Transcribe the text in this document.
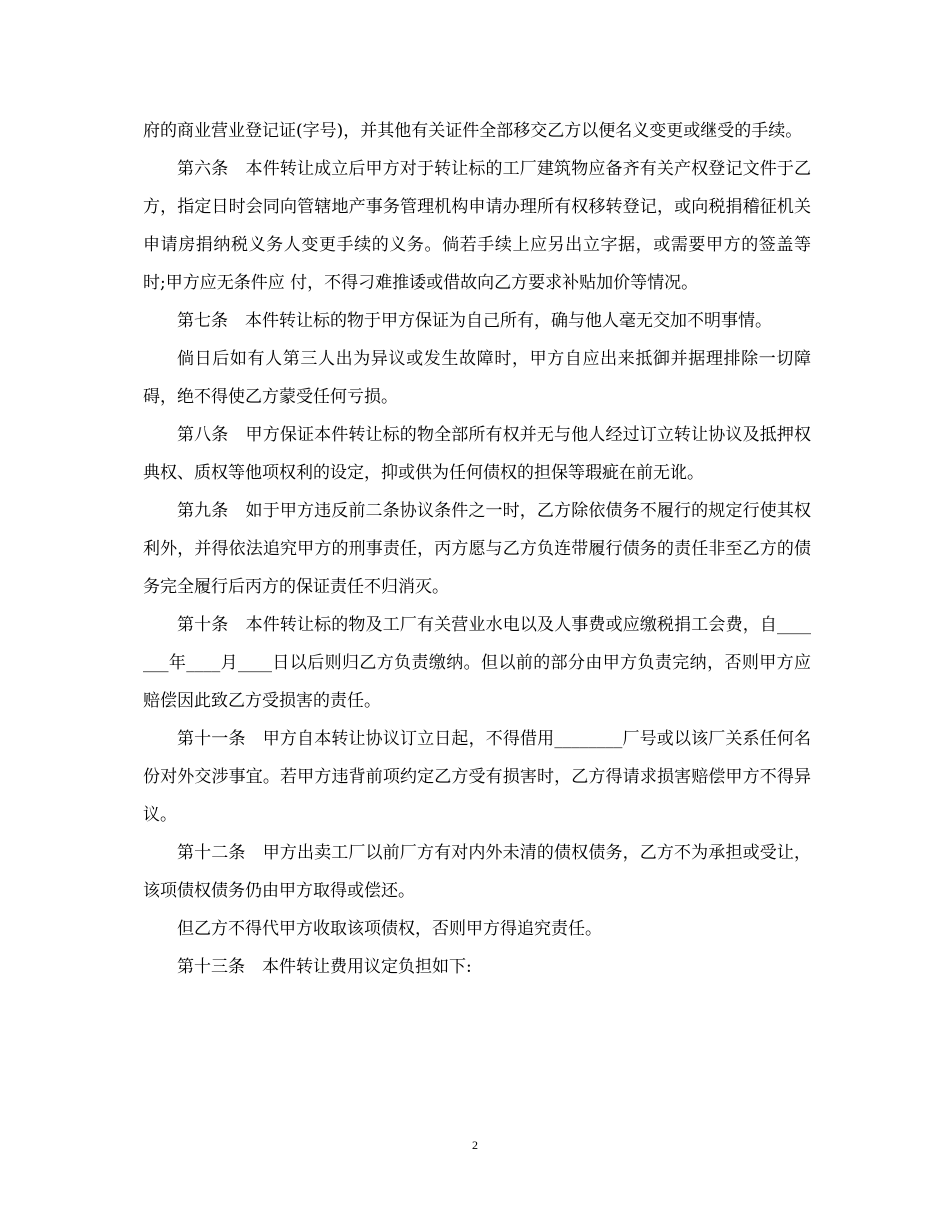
府的商业营业登记证(字号)，并其他有关证件全部移交乙方以便名义变更或继受的手续。

第六条　本件转让成立后甲方对于转让标的工厂建筑物应备齐有关产权登记文件于乙方，指定日时会同向管辖地产事务管理机构申请办理所有权移转登记，或向税捐稽征机关申请房捐纳税义务人变更手续的义务。倘若手续上应另出立字据，或需要甲方的签盖等时;甲方应无条件应 付，不得刁难推诿或借故向乙方要求补贴加价等情况。

第七条　本件转让标的物于甲方保证为自己所有，确与他人毫无交加不明事情。

倘日后如有人第三人出为异议或发生故障时，甲方自应出来抵御并据理排除一切障碍，绝不得使乙方蒙受任何亏损。

第八条　甲方保证本件转让标的物全部所有权并无与他人经过订立转让协议及抵押权典权、质权等他项权利的设定，抑或供为任何债权的担保等瑕疵在前无讹。

第九条　如于甲方违反前二条协议条件之一时，乙方除依债务不履行的规定行使其权利外，并得依法追究甲方的刑事责任，丙方愿与乙方负连带履行债务的责任非至乙方的债务完全履行后丙方的保证责任不归消灭。

第十条　本件转让标的物及工厂有关营业水电以及人事费或应缴税捐工会费，自_______年____月____日以后则归乙方负责缴纳。但以前的部分由甲方负责完纳，否则甲方应赔偿因此致乙方受损害的责任。

第十一条　甲方自本转让协议订立日起，不得借用________厂号或以该厂关系任何名份对外交涉事宜。若甲方违背前项约定乙方受有损害时，乙方得请求损害赔偿甲方不得异议。

第十二条　甲方出卖工厂以前厂方有对内外未清的债权债务，乙方不为承担或受让，该项债权债务仍由甲方取得或偿还。

但乙方不得代甲方收取该项债权，否则甲方得追究责任。

第十三条　本件转让费用议定负担如下:

2
